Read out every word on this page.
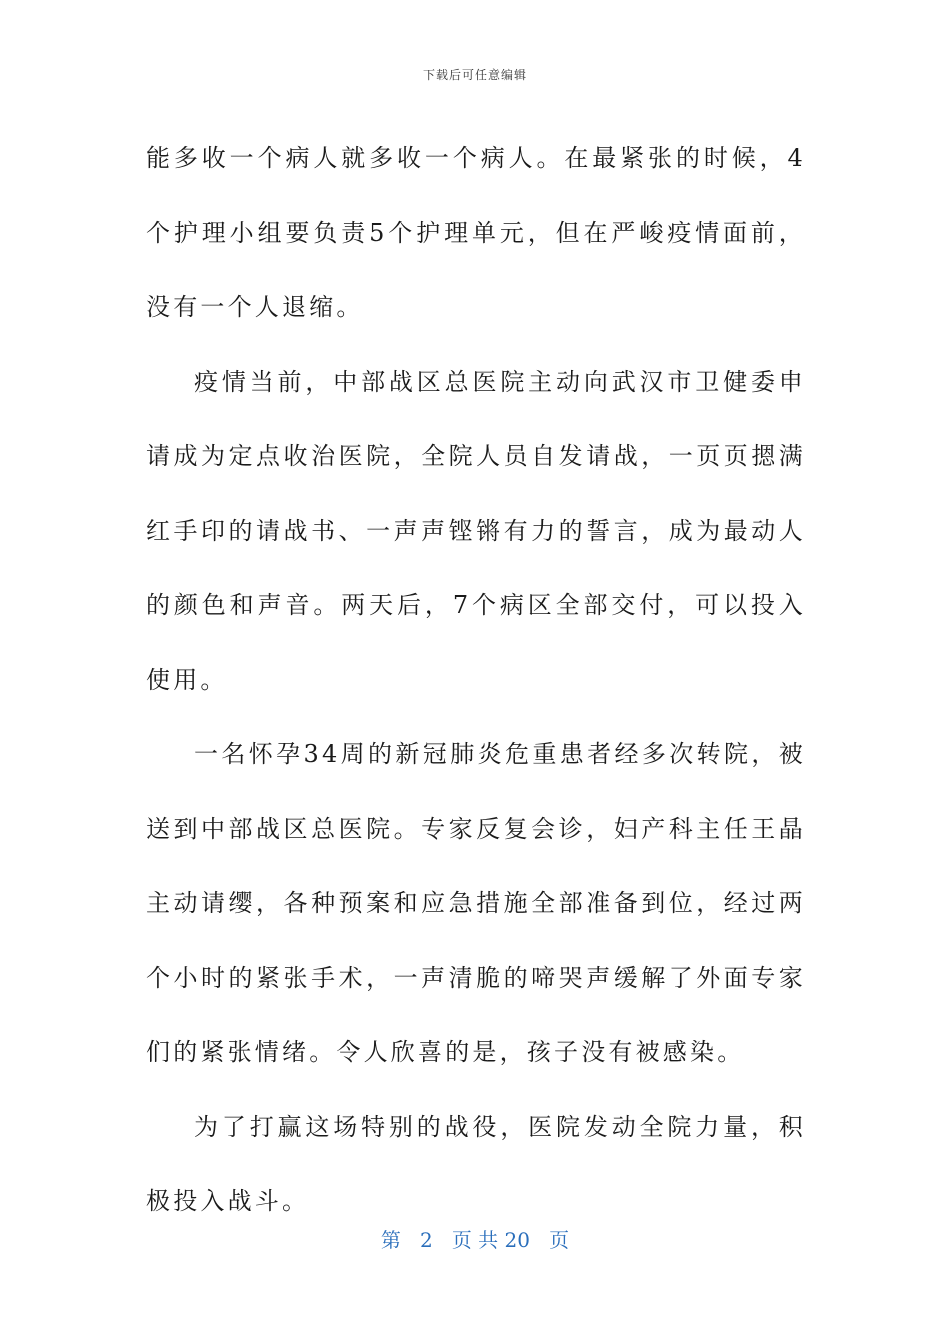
下载后可任意编辑

能多收一个病人就多收一个病人。在最紧张的时候，4个护理小组要负责5个护理单元，但在严峻疫情面前，没有一个人退缩。

疫情当前，中部战区总医院主动向武汉市卫健委申请成为定点收治医院，全院人员自发请战，一页页摁满红手印的请战书、一声声铿锵有力的誓言，成为最动人的颜色和声音。两天后，7个病区全部交付，可以投入使用。

一名怀孕34周的新冠肺炎危重患者经多次转院，被送到中部战区总医院。专家反复会诊，妇产科主任王晶主动请缨，各种预案和应急措施全部准备到位，经过两个小时的紧张手术，一声清脆的啼哭声缓解了外面专家们的紧张情绪。令人欣喜的是，孩子没有被感染。

为了打赢这场特别的战役，医院发动全院力量，积极投入战斗。

第 2 页 共 20 页
